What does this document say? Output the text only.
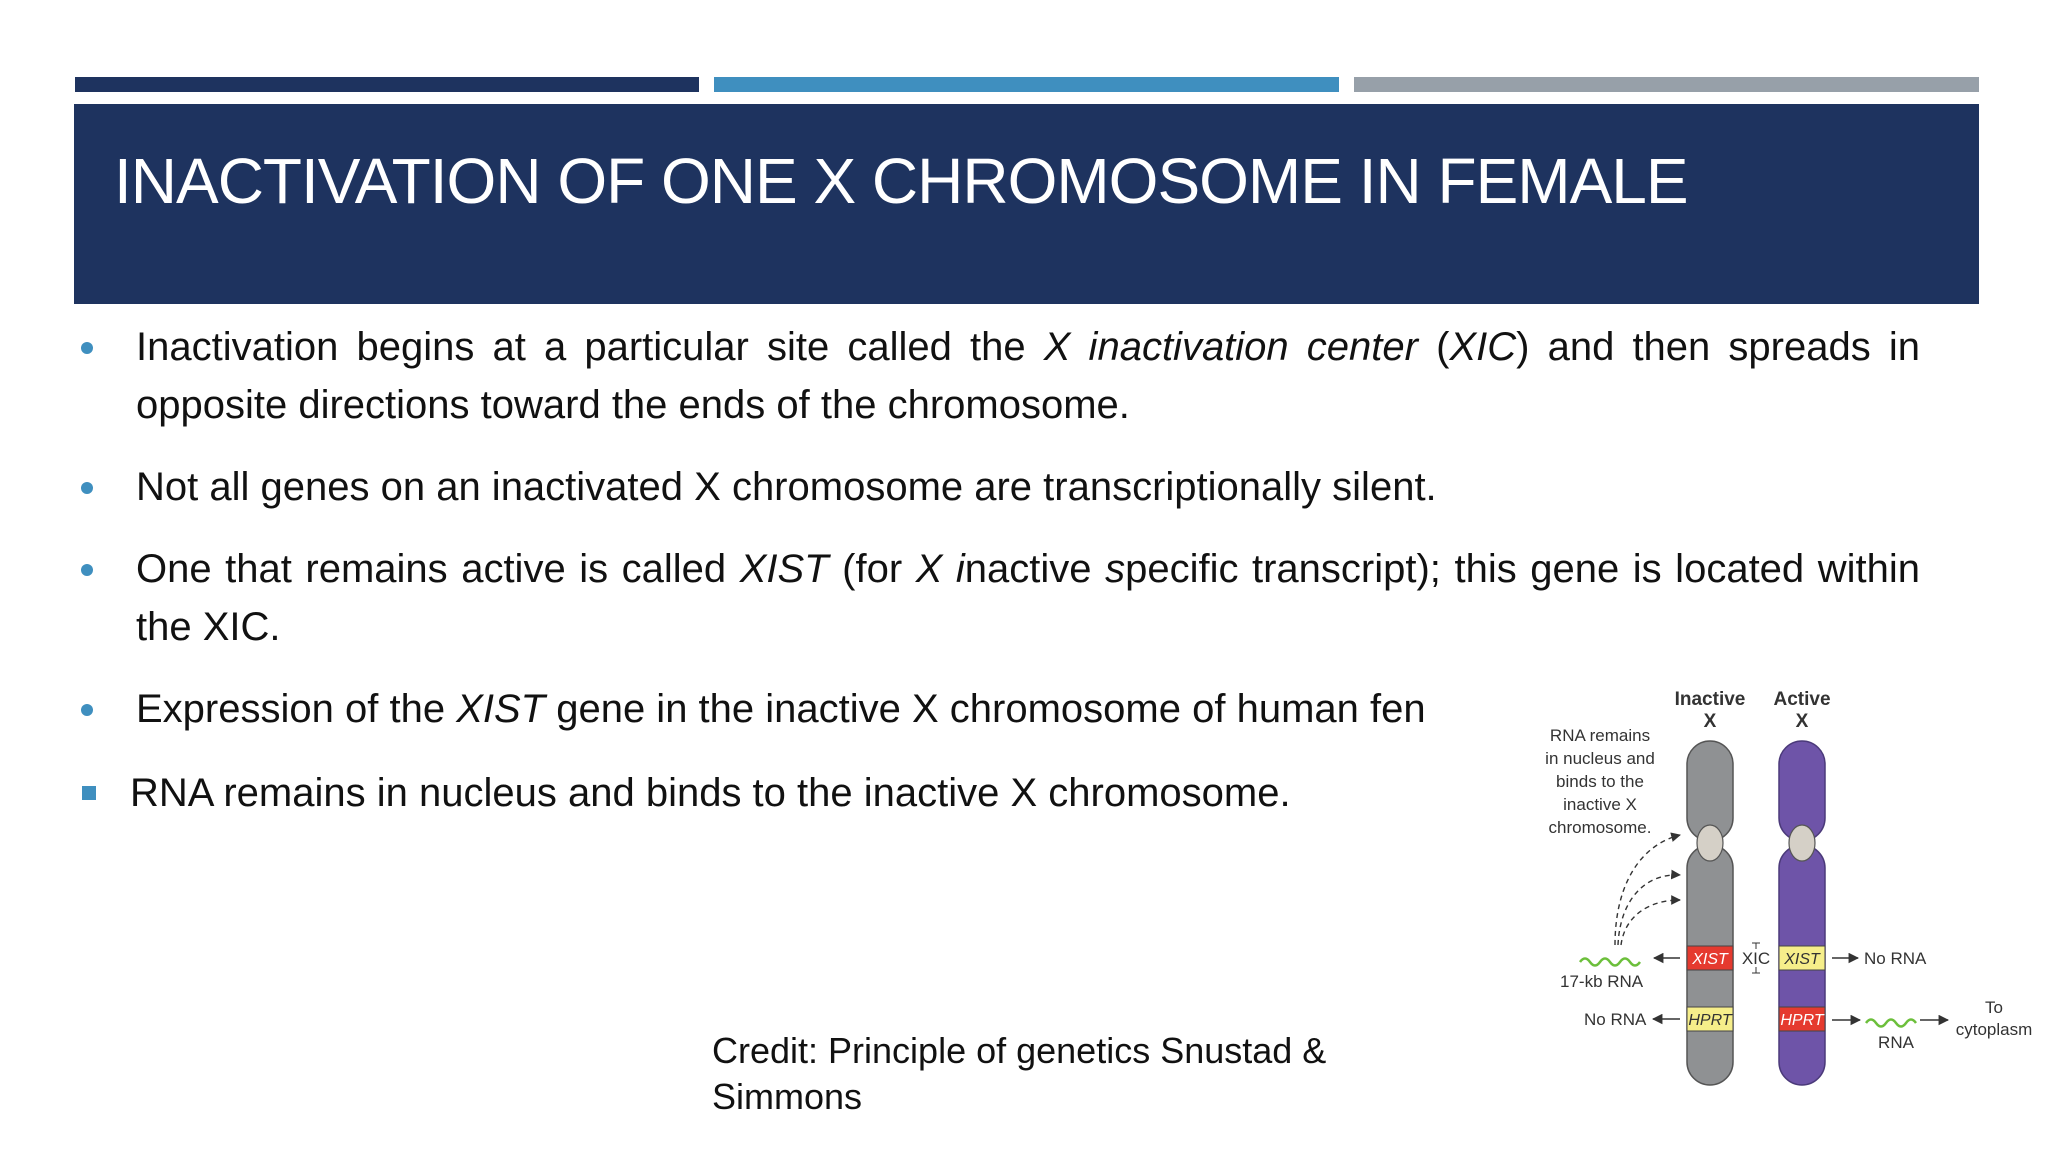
INACTIVATION OF ONE X CHROMOSOME IN FEMALE
Inactivation begins at a particular site called the X inactivation center (XIC) and then spreads in opposite directions toward the ends of the chromosome.
Not all genes on an inactivated X chromosome are transcriptionally silent.
One that remains active is called XIST (for X inactive specific transcript); this gene is located within the XIC.
Expression of the XIST gene in the inactive X chromosome of human fen
RNA remains in nucleus and binds to the inactive X chromosome.
Credit: Principle of genetics Snustad &
Simmons
Inactive
X
Active
X
XIST
HPRT
XIST
HPRT
XIC
RNA remains
in nucleus and
binds to the
inactive X
chromosome.
17-kb RNA
No RNA
No RNA
RNA
To
cytoplasm
